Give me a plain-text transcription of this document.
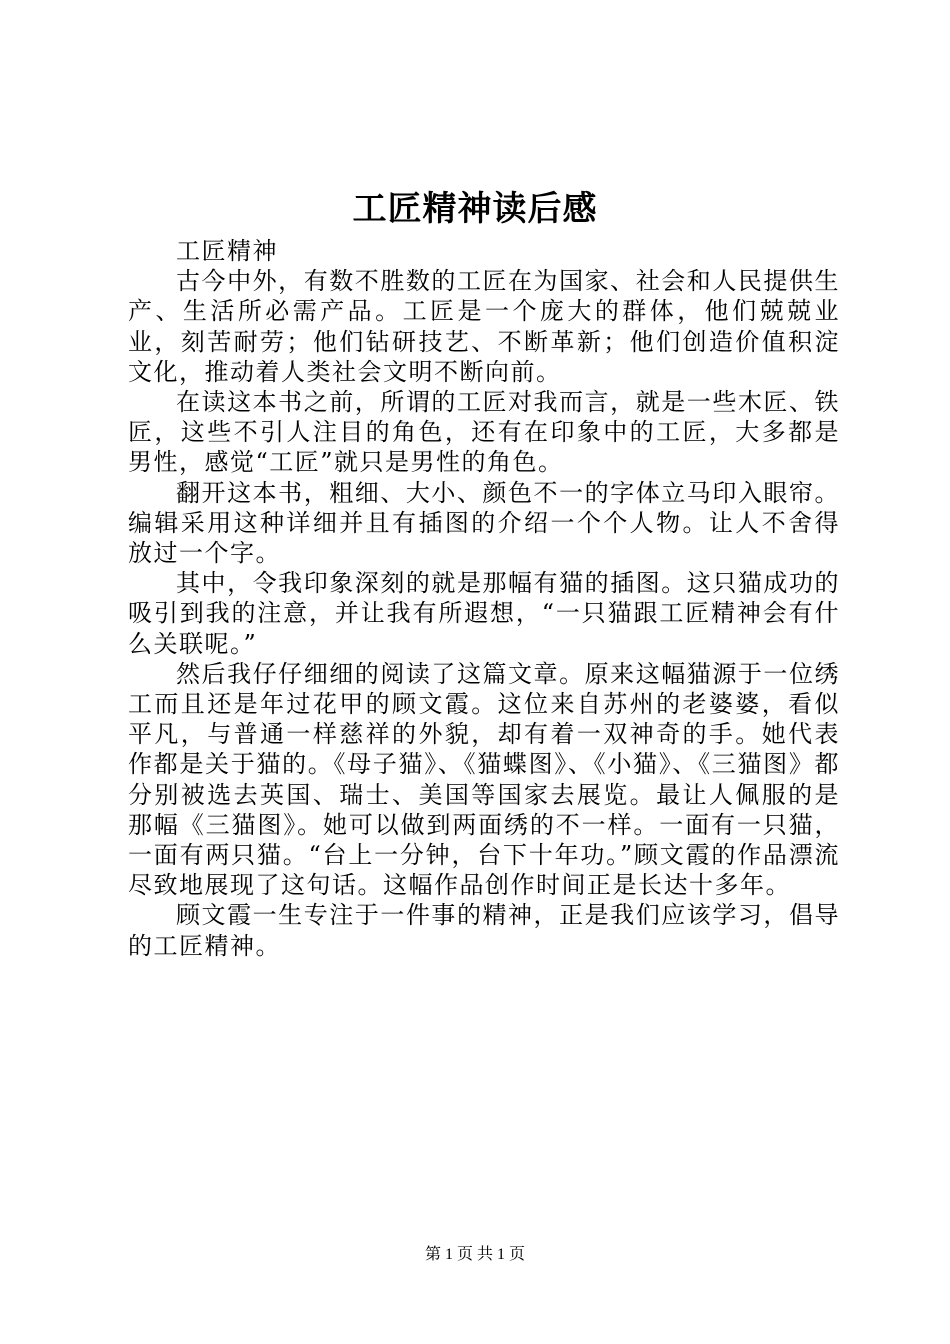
工匠精神读后感

工匠精神

古今中外，有数不胜数的工匠在为国家、社会和人民提供生产、生活所必需产品。工匠是一个庞大的群体，他们兢兢业业，刻苦耐劳；他们钻研技艺、不断革新；他们创造价值积淀文化，推动着人类社会文明不断向前。

在读这本书之前，所谓的工匠对我而言，就是一些木匠、铁匠，这些不引人注目的角色，还有在印象中的工匠，大多都是男性，感觉“工匠”就只是男性的角色。

翻开这本书，粗细、大小、颜色不一的字体立马印入眼帘。编辑采用这种详细并且有插图的介绍一个个人物。让人不舍得放过一个字。

其中，令我印象深刻的就是那幅有猫的插图。这只猫成功的吸引到我的注意，并让我有所遐想，“一只猫跟工匠精神会有什么关联呢。”

然后我仔仔细细的阅读了这篇文章。原来这幅猫源于一位绣工而且还是年过花甲的顾文霞。这位来自苏州的老婆婆，看似平凡，与普通一样慈祥的外貌，却有着一双神奇的手。她代表作都是关于猫的。《母子猫》、《猫蝶图》、《小猫》、《三猫图》都分别被选去英国、瑞士、美国等国家去展览。最让人佩服的是那幅《三猫图》。她可以做到两面绣的不一样。一面有一只猫，一面有两只猫。“台上一分钟，台下十年功。”顾文霞的作品漂流尽致地展现了这句话。这幅作品创作时间正是长达十多年。

顾文霞一生专注于一件事的精神，正是我们应该学习，倡导的工匠精神。

第 1 页 共 1 页
